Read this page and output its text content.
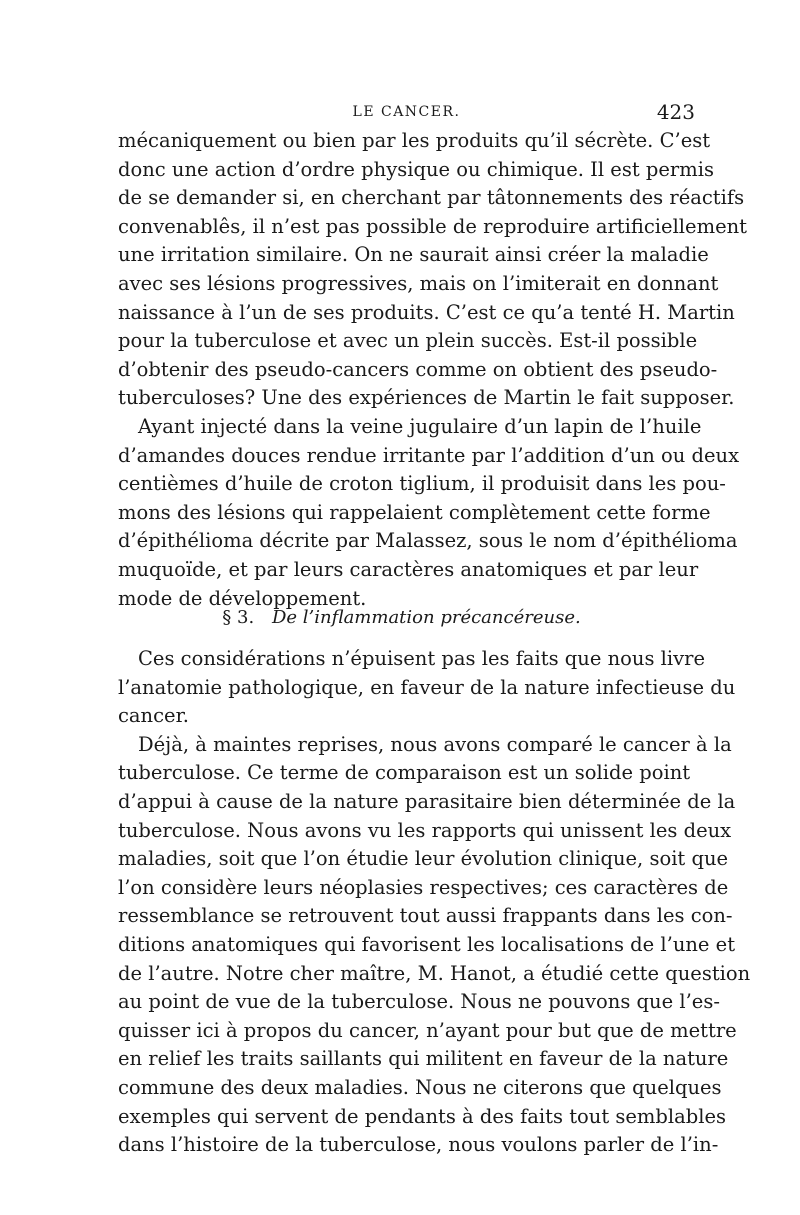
LE CANCER.	423
mécaniquement ou bien par les produits qu’il sécrète. C’est
donc une action d’ordre physique ou chimique. Il est permis
de se demander si, en cherchant par tâtonnements des réactifs
convenablês, il n’est pas possible de reproduire artificiellement
une irritation similaire. On ne saurait ainsi créer la maladie
avec ses lésions progressives, mais on l’imiterait en donnant
naissance à l’un de ses produits. C’est ce qu’a tenté H. Martin
pour la tuberculose et avec un plein succès. Est-il possible
d’obtenir des pseudo-cancers comme on obtient des pseudo-
tuberculoses? Une des expériences de Martin le fait supposer.
Ayant injecté dans la veine jugulaire d’un lapin de l’huile
d’amandes douces rendue irritante par l’addition d’un ou deux
centièmes d’huile de croton tiglium, il produisit dans les pou-
mons des lésions qui rappelaient complètement cette forme
d’épithélioma décrite par Malassez, sous le nom d’épithélioma
muquoïde, et par leurs caractères anatomiques et par leur
mode de développement.
§ 3. De l’inflammation précancéreuse.
Ces considérations n’épuisent pas les faits que nous livre
l’anatomie pathologique, en faveur de la nature infectieuse du
cancer.
Déjà, à maintes reprises, nous avons comparé le cancer à la
tuberculose. Ce terme de comparaison est un solide point
d’appui à cause de la nature parasitaire bien déterminée de la
tuberculose. Nous avons vu les rapports qui unissent les deux
maladies, soit que l’on étudie leur évolution clinique, soit que
l’on considère leurs néoplasies respectives; ces caractères de
ressemblance se retrouvent tout aussi frappants dans les con-
ditions anatomiques qui favorisent les localisations de l’une et
de l’autre. Notre cher maître, M. Hanot, a étudié cette question
au point de vue de la tuberculose. Nous ne pouvons que l’es-
quisser ici à propos du cancer, n’ayant pour but que de mettre
en relief les traits saillants qui militent en faveur de la nature
commune des deux maladies. Nous ne citerons que quelques
exemples qui servent de pendants à des faits tout semblables
dans l’histoire de la tuberculose, nous voulons parler de l’in-
